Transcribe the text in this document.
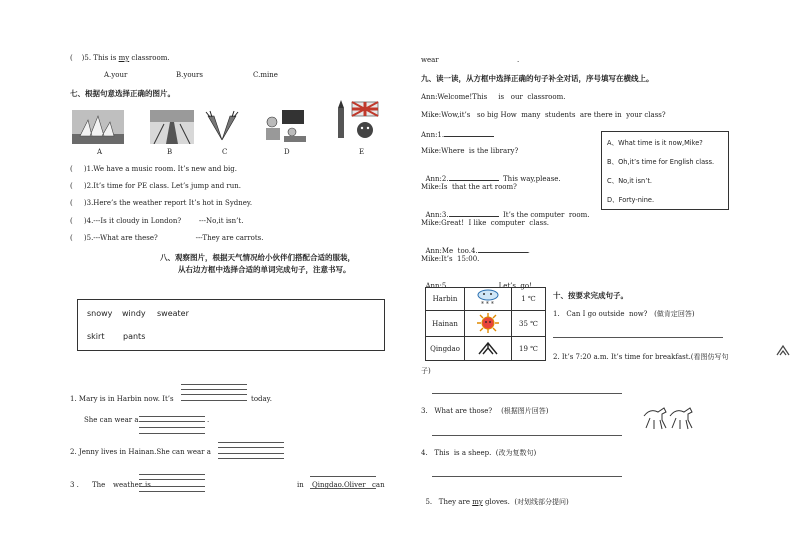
( )5. This is my classroom.
A.your	B.yours	C.mine
七、根据句意选择正确的图片。
A	B	C	D	E
( )1.We have a music room. It’s new and big.
( )2.It’s time for PE class. Let’s jump and run.
( )3.Here’s the weather report It’s hot in Sydney.
( )4.---Is it cloudy in London?        ---No,it isn’t.
( )5.---What are these?                 ---They are carrots.
八、观察图片，根据天气情况给小伙伴们搭配合适的服装，
从右边方框中选择合适的单词完成句子，注意书写。
snowy windy sweater
skirt pants
1. Mary is in Harbin now. It’s	today.
She can wear a	.
2. Jenny lives in Hainan.She can wear a
3 . The weather is	in Qingdao.Oliver can
wear	.
九、读一读，从方框中选择正确的句子补全对话，序号填写在横线上。
Ann:Welcome!This     is   our  classroom.
Mike:Wow,it’s   so big How  many  students  are there in  your class?
Ann:1.
Mike:Where  is the library?

Ann:2.	This way,please.

Mike:Is  that the art room?

Ann:3.	It’s the computer  room.

Mike:Great!  I like  computer  class.

Ann:Me  too.4.	.

Mike:It’s  15:00.

Ann:5.	Let’s  go!

A、What time is it now,Mike?
B、Oh,it’s time for English class.
C、No,it isn’t.
D、Forty-nine.
Harbin	* * *	1 ℃
Hainan		35 ℃
Qingdao		19 ℃
十、按要求完成句子。
1.   Can I go outside  now?   (做肯定回答)
2. It’s 7:20 a.m. It’s time for breakfast.(看图仿写句
子)
3.   What are those?    (根据图片回答)
4.   This  is a sheep.  (改为复数句)

5.   They are my gloves.  (对划线部分提问)
